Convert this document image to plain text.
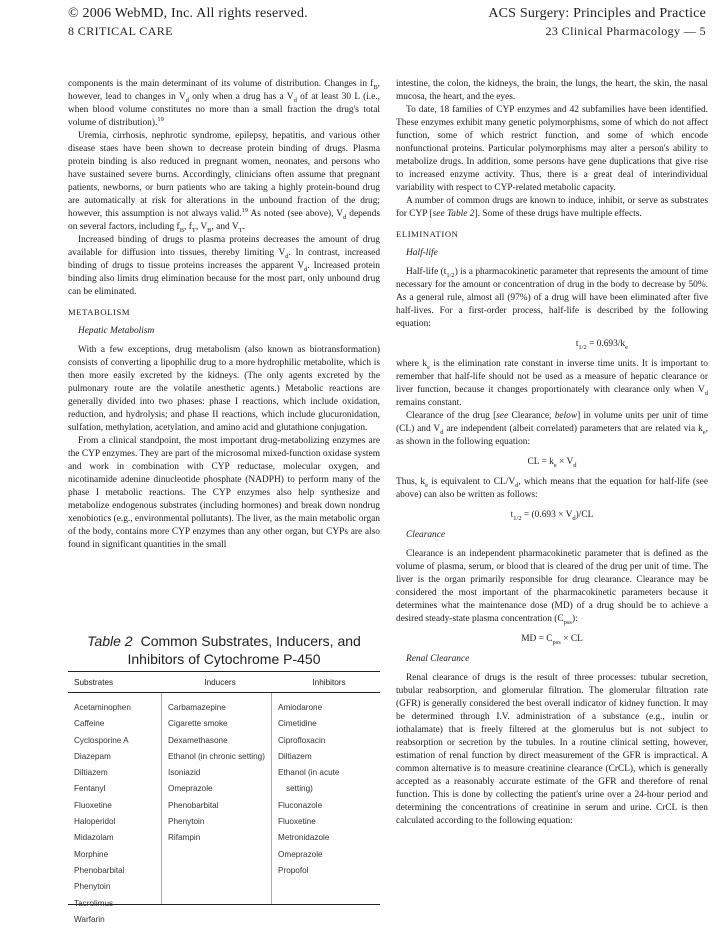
© 2006 WebMD, Inc. All rights reserved.
8 CRITICAL CARE
ACS Surgery: Principles and Practice
23 Clinical Pharmacology — 5

components is the main determinant of its volume of distribution. Changes in $f_B$, however, lead to changes in $V_d$ only when a drug has a $V_d$ of at least 30 L (i.e., when blood volume constitutes no more than a small fraction the drug's total volume of distribution).$^{19}$

Uremia, cirrhosis, nephrotic syndrome, epilepsy, hepatitis, and various other disease staes have been shown to decrease protein binding of drugs. Plasma protein binding is also reduced in pregnant women, neonates, and persons who have sustained severe burns. Accordingly, clinicians often assume that pregnant patients, newborns, or burn patients who are taking a highly protein-bound drug are automatically at risk for alterations in the unbound fraction of the drug; however, this assumption is not always valid.$^{19}$ As noted (see above), $V_d$ depends on several factors, including $f_B$, $f_T$, $V_B$, and $V_T$.

Increased binding of drugs to plasma proteins decreases the amount of drug available for diffusion into tissues, thereby limiting $V_d$. In contrast, increased binding of drugs to tissue proteins increases the apparent $V_d$. Increased protein binding also limits drug elimination because for the most part, only unbound drug can be eliminated.

METABOLISM
Hepatic Metabolism

With a few exceptions, drug metabolism (also known as biotransformation) consists of converting a lipophilic drug to a more hydrophilic metabolite, which is then more easily excreted by the kidneys. (The only agents excreted by the pulmonary route are the volatile anesthetic agents.) Metabolic reactions are generally divided into two phases: phase I reactions, which include oxidation, reduction, and hydrolysis; and phase II reactions, which include glucuronidation, sulfation, methylation, acetylation, and amino acid and glutathione conjugation.

From a clinical standpoint, the most important drug-metabolizing enzymes are the CYP enzymes. They are part of the microsomal mixed-function oxidase system and work in combination with CYP reductase, molecular oxygen, and nicotinamide adenine dinucleotide phosphate (NADPH) to perform many of the phase I metabolic reactions. The CYP enzymes also help synthesize and metabolize endogenous substrates (including hormones) and break down nondrug xenobiotics (e.g., environmental pollutants). The liver, as the main metabolic organ of the body, contains more CYP enzymes than any other organ, but CYPs are also found in significant quantities in the small

Table 2 Common Substrates, Inducers, and
Inhibitors of Cytochrome P-450
Substrates	Inducers	Inhibitors
Acetaminophen
Caffeine
Cyclosporine A
Diazepam
Diltiazem
Fentanyl
Fluoxetine
Haloperidol
Midazolam
Morphine
Phenobarbital
Phenytoin
Tacrolimus
Warfarin
Carbamazepine
Cigarette smoke
Dexamethasone
Ethanol (in chronic setting)
Isoniazid
Omeprazole
Phenobarbital
Phenytoin
Rifampin
Amiodarone
Cimetidine
Ciprofloxacin
Diltiazem
Ethanol (in acute
setting)
Fluconazole
Fluoxetine
Metronidazole
Omeprazole
Propofol

intestine, the colon, the kidneys, the brain, the lungs, the heart, the skin, the nasal mucosa, the heart, and the eyes.

To date, 18 families of CYP enzymes and 42 subfamilies have been identified. These enzymes exhibit many genetic polymorphisms, some of which do not affect function, some of which restrict function, and some of which encode nonfunctional proteins. Particular polymorphisms may alter a person's ability to metabolize drugs. In addition, some persons have gene duplications that give rise to increased enzyme activity. Thus, there is a great deal of interindividual variability with respect to CYP-related metabolic capacity.

A number of common drugs are known to induce, inhibit, or serve as substrates for CYP [see Table 2]. Some of these drugs have multiple effects.

ELIMINATION
Half-life

Half-life $(t_{1/2})$ is a pharmacokinetic parameter that represents the amount of time necessary for the amount or concentration of drug in the body to decrease by 50%. As a general rule, almost all (97%) of a drug will have been eliminated after five half-lives. For a first-order process, half-life is described by the following equation:

$t_{1/2} = 0.693/k_e$

where $k_e$ is the elimination rate constant in inverse time units. It is important to remember that half-life should not be used as a measure of hepatic clearance or liver function, because it changes proportionately with clearance only when $V_d$ remains constant.

Clearance of the drug [see Clearance, below] in volume units per unit of time (CL) and $V_d$ are independent (albeit correlated) parameters that are related via $k_e$, as shown in the following equation:

CL = $k_e \times V_d$

Thus, $k_e$ is equivalent to $CL/V_d$, which means that the equation for half-life (see above) can also be written as follows:

$t_{1/2} = (0.693 \times V_d)/CL$
Clearance

Clearance is an independent pharmacokinetic parameter that is defined as the volume of plasma, serum, or blood that is cleared of the drug per unit of time. The liver is the organ primarily responsible for drug clearance. Clearance may be considered the most important of the pharmacokinetic parameters because it determines what the maintenance dose (MD) of a drug should be to achieve a desired steady-state plasma concentration $(C_{pss})$:

MD = $C_{pss}$ × CL
Renal Clearance

Renal clearance of drugs is the result of three processes: tubular secretion, tubular reabsorption, and glomerular filtration. The glomerular filtration rate (GFR) is generally considered the best overall indicator of kidney function. It may be determined through I.V. administration of a substance (e.g., inulin or iothalamate) that is freely filtered at the glomerulus but is not subject to reabsorption or secretion by the tubules. In a routine clinical setting, however, estimation of renal function by direct measurement of the GFR is impractical. A common alternative is to measure creatinine clearance (CrCL), which is generally accepted as a reasonably accurate estimate of the GFR and therefore of renal function. This is done by collecting the patient's urine over a 24-hour period and determining the concentrations of creatinine in serum and urine. CrCL is then calculated according to the following equation:
